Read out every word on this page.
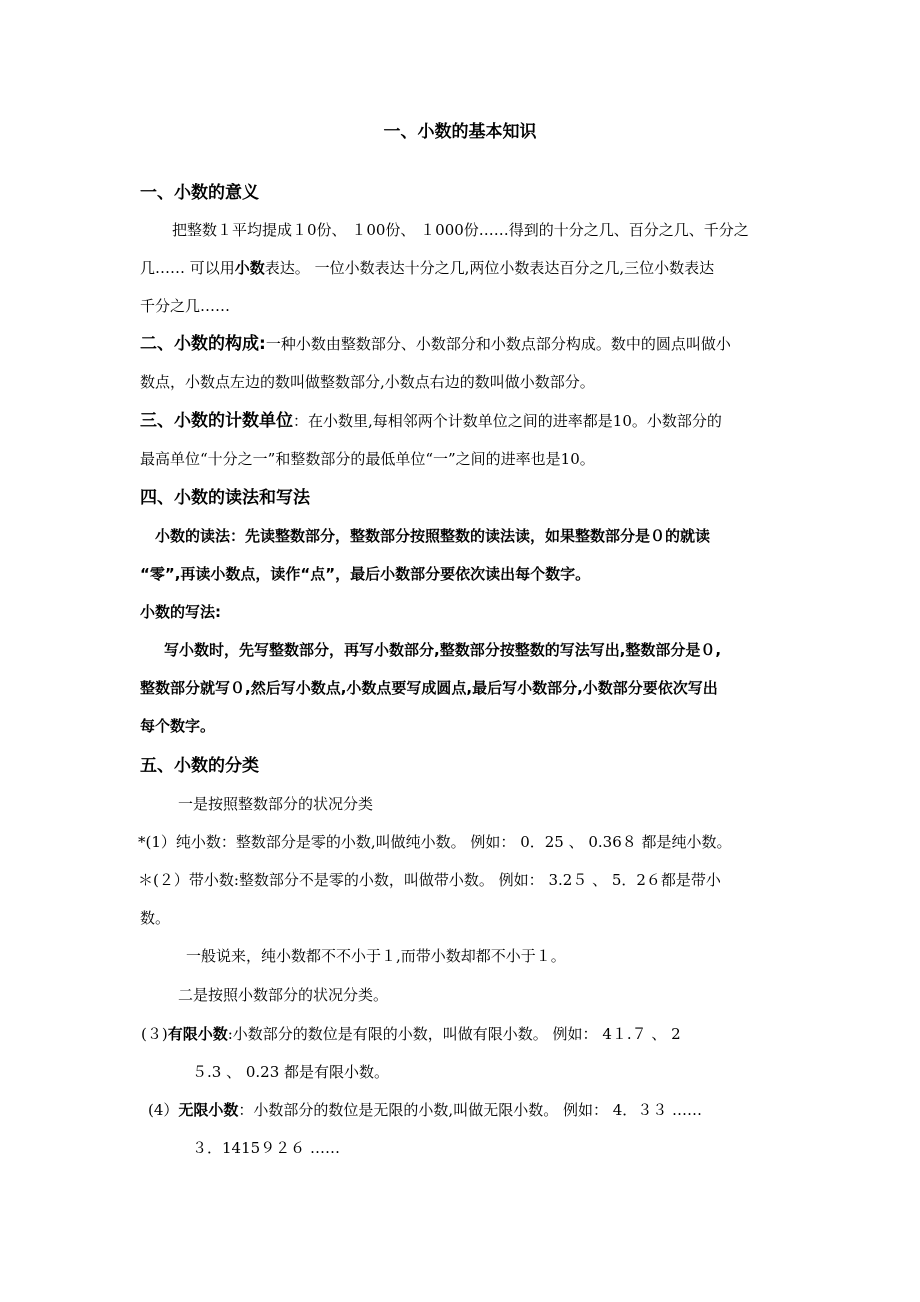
一、小数的基本知识
一、小数的意义
把整数１平均提成１0份、 １00份、 １000份……得到的十分之几、百分之几、千分之
几…… 可以用小数表达。 一位小数表达十分之几,两位小数表达百分之几,三位小数表达
千分之几……
二、小数的构成:一种小数由整数部分、小数部分和小数点部分构成。数中的圆点叫做小
数点，小数点左边的数叫做整数部分,小数点右边的数叫做小数部分。
三、小数的计数单位：在小数里,每相邻两个计数单位之间的进率都是10。小数部分的
最高单位“十分之一”和整数部分的最低单位“一”之间的进率也是10。
四、小数的读法和写法
小数的读法：先读整数部分，整数部分按照整数的读法读，如果整数部分是０的就读
“零”,再读小数点，读作“点”，最后小数部分要依次读出每个数字。
小数的写法:
写小数时，先写整数部分，再写小数部分,整数部分按整数的写法写出,整数部分是０,
整数部分就写０,然后写小数点,小数点要写成圆点,最后写小数部分,小数部分要依次写出
每个数字。
五、小数的分类
一是按照整数部分的状况分类
*(1）纯小数：整数部分是零的小数,叫做纯小数。 例如： 0．25 、 0.36８ 都是纯小数。
＊(２）带小数:整数部分不是零的小数，叫做带小数。 例如： 3.2５ 、 5．2６都是带小
数。
一般说来，纯小数都不不小于１,而带小数却都不小于１。
二是按照小数部分的状况分类。
(３)有限小数:小数部分的数位是有限的小数，叫做有限小数。 例如： 4１.７ 、 2
５.3 、 0.23 都是有限小数。
(4）无限小数：小数部分的数位是无限的小数,叫做无限小数。 例如： 4．３３ ……
３．1415９２６ ……
